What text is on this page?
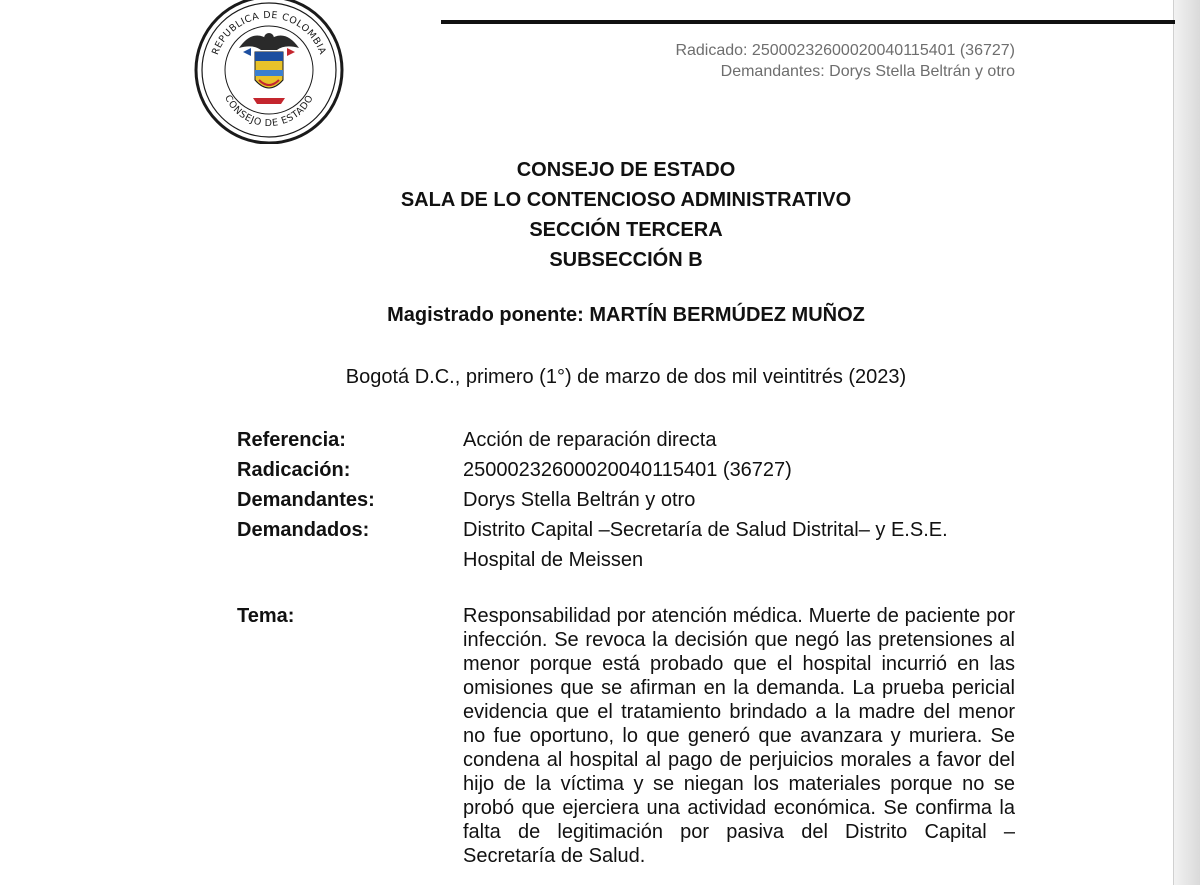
REPUBLICA DE COLOMBIA
CONSEJO DE ESTADO
Radicado: 25000232600020040115401 (36727)
Demandantes: Dorys Stella Beltrán y otro
CONSEJO DE ESTADO
SALA DE LO CONTENCIOSO ADMINISTRATIVO
SECCIÓN TERCERA
SUBSECCIÓN B
Magistrado ponente: MARTÍN BERMÚDEZ MUÑOZ
Bogotá D.C., primero (1°) de marzo de dos mil veintitrés (2023)
Referencia:	Acción de reparación directa
Radicación:	25000232600020040115401 (36727)
Demandantes:	Dorys Stella Beltrán y otro
Demandados:	Distrito Capital –Secretaría de Salud Distrital– y E.S.E. Hospital de Meissen
Tema:	Responsabilidad por atención médica. Muerte de paciente por infección. Se revoca la decisión que negó las pretensiones al menor porque está probado que el hospital incurrió en las omisiones que se afirman en la demanda. La prueba pericial evidencia que el tratamiento brindado a la madre del menor no fue oportuno, lo que generó que avanzara y muriera. Se condena al hospital al pago de perjuicios morales a favor del hijo de la víctima y se niegan los materiales porque no se probó que ejerciera una actividad económica. Se confirma la falta de legitimación por pasiva del Distrito Capital – Secretaría de Salud.
